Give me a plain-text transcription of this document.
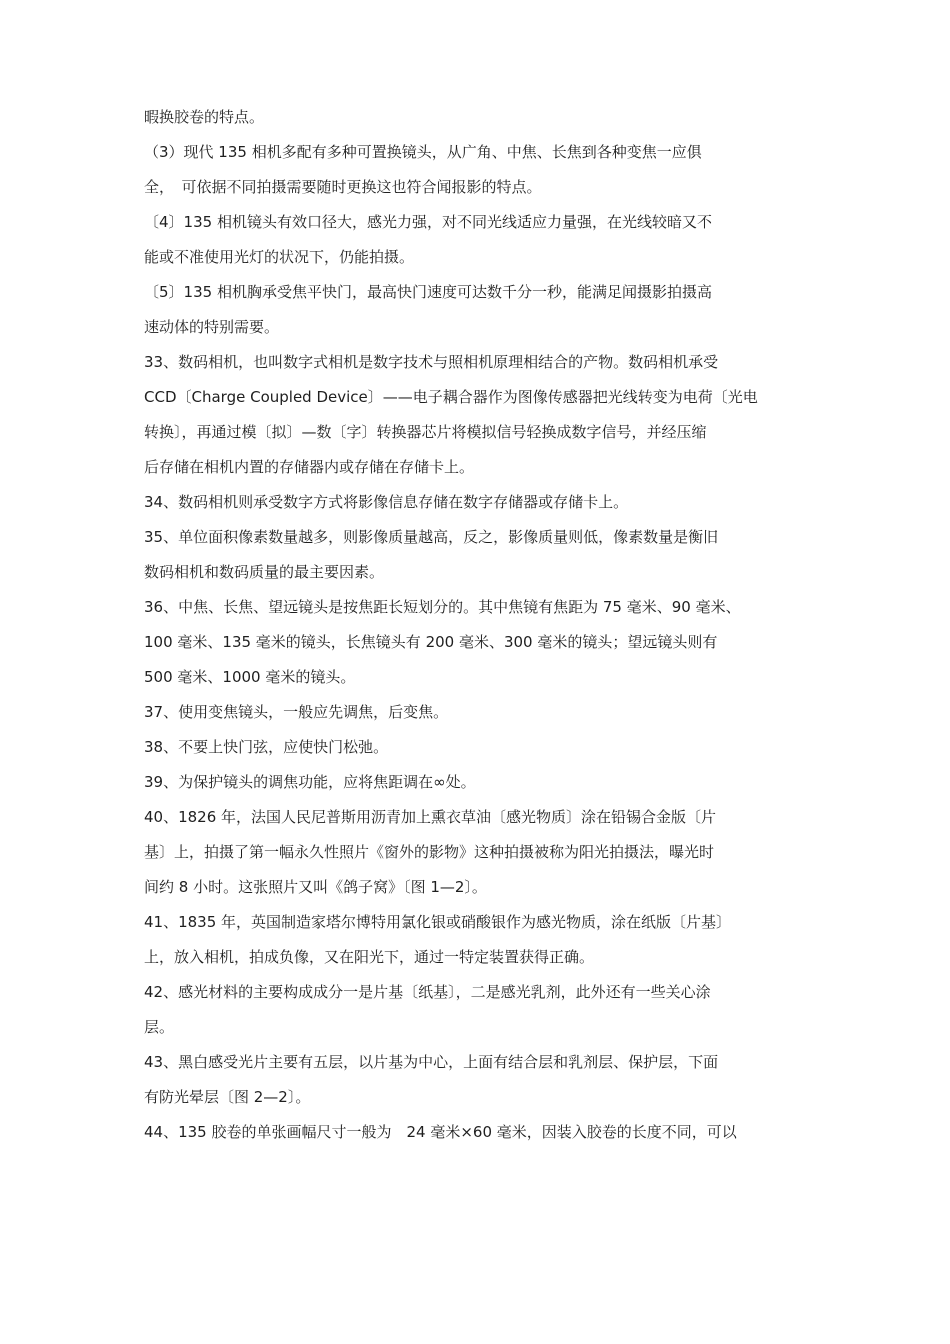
暇换胶卷的特点。
（3）现代 135 相机多配有多种可置换镜头，从广角、中焦、长焦到各种变焦一应俱
全，　可依据不同拍摄需要随时更换这也符合闻报影的特点。
〔4〕135 相机镜头有效口径大，感光力强，对不同光线适应力量强，在光线较暗又不
能或不准使用光灯的状况下，仍能拍摄。
〔5〕135 相机胸承受焦平快门，最高快门速度可达数千分一秒，能满足闻摄影拍摄高
速动体的特别需要。
33、数码相机，也叫数字式相机是数字技术与照相机原理相结合的产物。数码相机承受
CCD〔Charge Coupled Device〕——电子耦合器作为图像传感器把光线转变为电荷〔光电
转换〕，再通过模〔拟〕—数〔字〕转换器芯片将模拟信号轻换成数字信号，并经压缩
后存储在相机内置的存储器内或存储在存储卡上。
34、数码相机则承受数字方式将影像信息存储在数字存储器或存储卡上。
35、单位面积像素数量越多，则影像质量越高，反之，影像质量则低，像素数量是衡旧
数码相机和数码质量的最主要因素。
36、中焦、长焦、望远镜头是按焦距长短划分的。其中焦镜有焦距为 75 毫米、90 毫米、
100 毫米、135 毫米的镜头，长焦镜头有 200 毫米、300 毫米的镜头；望远镜头则有
500 毫米、1000 毫米的镜头。
37、使用变焦镜头，一般应先调焦，后变焦。
38、不要上快门弦，应使快门松弛。
39、为保护镜头的调焦功能，应将焦距调在∞处。
40、1826 年，法国人民尼普斯用沥青加上熏衣草油〔感光物质〕涂在铅锡合金版〔片
基〕上，拍摄了第一幅永久性照片《窗外的影物》这种拍摄被称为阳光拍摄法，曝光时
间约 8 小时。这张照片又叫《鸽子窝》〔图 1—2〕。
41、1835 年，英国制造家塔尔博特用氯化银或硝酸银作为感光物质，涂在纸版〔片基〕
上，放入相机，拍成负像，又在阳光下，通过一特定装置获得正确。
42、感光材料的主要构成成分一是片基〔纸基〕，二是感光乳剂，此外还有一些关心涂
层。
43、黑白感受光片主要有五层，以片基为中心，上面有结合层和乳剂层、保护层，下面
有防光晕层〔图 2—2〕。
44、135 胶卷的单张画幅尺寸一般为　24 毫米×60 毫米，因装入胶卷的长度不同，可以
